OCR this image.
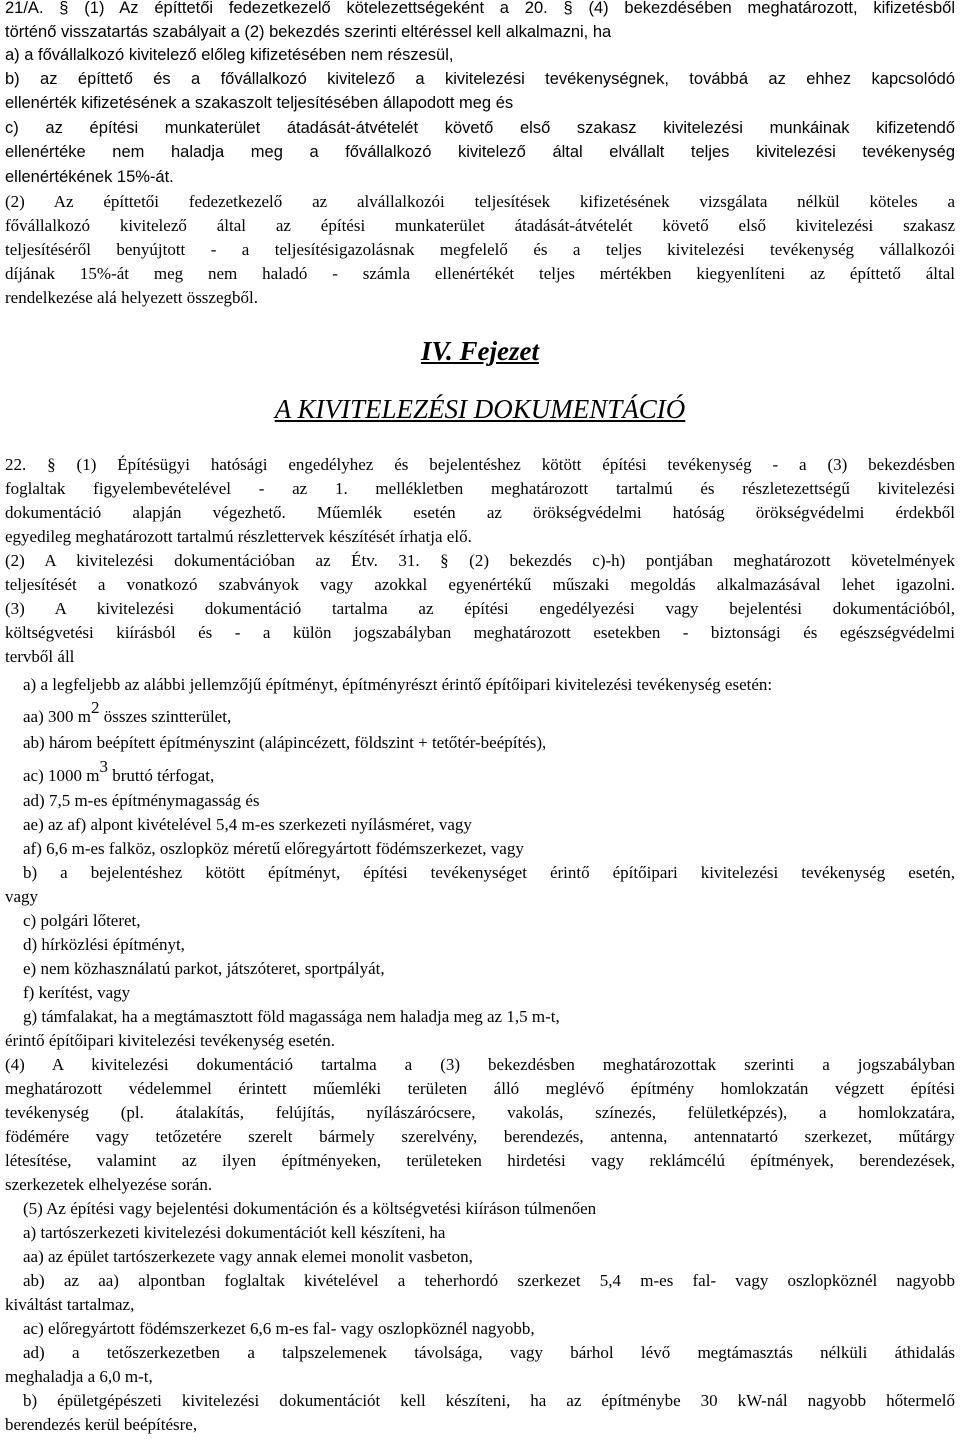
21/A. § (1) Az építtetői fedezetkezelő kötelezettségeként a 20. § (4) bekezdésében meghatározott, kifizetésből
történő visszatartás szabályait a (2) bekezdés szerinti eltéréssel kell alkalmazni, ha
a) a fővállalkozó kivitelező előleg kifizetésében nem részesül,
b) az építtető és a fővállalkozó kivitelező a kivitelezési tevékenységnek, továbbá az ehhez kapcsolódó
ellenérték kifizetésének a szakaszolt teljesítésében állapodott meg és
c) az építési munkaterület átadását-átvételét követő első szakasz kivitelezési munkáinak kifizetendő
ellenértéke nem haladja meg a fővállalkozó kivitelező által elvállalt teljes kivitelezési tevékenység
ellenértékének 15%-át.
(2) Az építtetői fedezetkezelő az alvállalkozói teljesítések kifizetésének vizsgálata nélkül köteles a
fővállalkozó kivitelező által az építési munkaterület átadását-átvételét követő első kivitelezési szakasz
teljesítéséről benyújtott - a teljesítésigazolásnak megfelelő és a teljes kivitelezési tevékenység vállalkozói
díjának 15%-át meg nem haladó - számla ellenértékét teljes mértékben kiegyenlíteni az építtető által
rendelkezése alá helyezett összegből.
IV. Fejezet
A KIVITELEZÉSI DOKUMENTÁCIÓ
22. § (1) Építésügyi hatósági engedélyhez és bejelentéshez kötött építési tevékenység - a (3) bekezdésben
foglaltak figyelembevételével - az 1. mellékletben meghatározott tartalmú és részletezettségű kivitelezési
dokumentáció alapján végezhető. Műemlék esetén az örökségvédelmi hatóság örökségvédelmi érdekből
egyedileg meghatározott tartalmú részlettervek készítését írhatja elő.
(2) A kivitelezési dokumentációban az Étv. 31. § (2) bekezdés c)-h) pontjában meghatározott követelmények
teljesítését a vonatkozó szabványok vagy azokkal egyenértékű műszaki megoldás alkalmazásával lehet igazolni.
(3) A kivitelezési dokumentáció tartalma az építési engedélyezési vagy bejelentési dokumentációból,
költségvetési kiírásból és - a külön jogszabályban meghatározott esetekben - biztonsági és egészségvédelmi
tervből áll
a) a legfeljebb az alábbi jellemzőjű építményt, építményrészt érintő építőipari kivitelezési tevékenység esetén:
aa) 300 $m^2$ összes szintterület,
ab) három beépített építményszint (alápincézett, földszint + tetőtér-beépítés),
ac) 1000 $m^3$ bruttó térfogat,
ad) 7,5 m-es építménymagasság és
ae) az af) alpont kivételével 5,4 m-es szerkezeti nyílásméret, vagy
af) 6,6 m-es falköz, oszlopköz méretű előregyártott födémszerkezet, vagy
b) a bejelentéshez kötött építményt, építési tevékenységet érintő építőipari kivitelezési tevékenység esetén,
vagy
c) polgári lőteret,
d) hírközlési építményt,
e) nem közhasználatú parkot, játszóteret, sportpályát,
f) kerítést, vagy
g) támfalakat, ha a megtámasztott föld magassága nem haladja meg az 1,5 m-t,
érintő építőipari kivitelezési tevékenység esetén.
(4) A kivitelezési dokumentáció tartalma a (3) bekezdésben meghatározottak szerinti a jogszabályban
meghatározott védelemmel érintett műemléki területen álló meglévő építmény homlokzatán végzett építési
tevékenység (pl. átalakítás, felújítás, nyílászárócsere, vakolás, színezés, felületképzés), a homlokzatára,
födémére vagy tetőzetére szerelt bármely szerelvény, berendezés, antenna, antennatartó szerkezet, műtárgy
létesítése, valamint az ilyen építményeken, területeken hirdetési vagy reklámcélú építmények, berendezések,
szerkezetek elhelyezése során.
(5) Az építési vagy bejelentési dokumentáción és a költségvetési kiíráson túlmenően
a) tartószerkezeti kivitelezési dokumentációt kell készíteni, ha
aa) az épület tartószerkezete vagy annak elemei monolit vasbeton,
ab) az aa) alpontban foglaltak kivételével a teherhordó szerkezet 5,4 m-es fal- vagy oszlopköznél nagyobb
kiváltást tartalmaz,
ac) előregyártott födémszerkezet 6,6 m-es fal- vagy oszlopköznél nagyobb,
ad) a tetőszerkezetben a talpszelemenek távolsága, vagy bárhol lévő megtámasztás nélküli áthidalás
meghaladja a 6,0 m-t,
b) épületgépészeti kivitelezési dokumentációt kell készíteni, ha az építménybe 30 kW-nál nagyobb hőtermelő
berendezés kerül beépítésre,
